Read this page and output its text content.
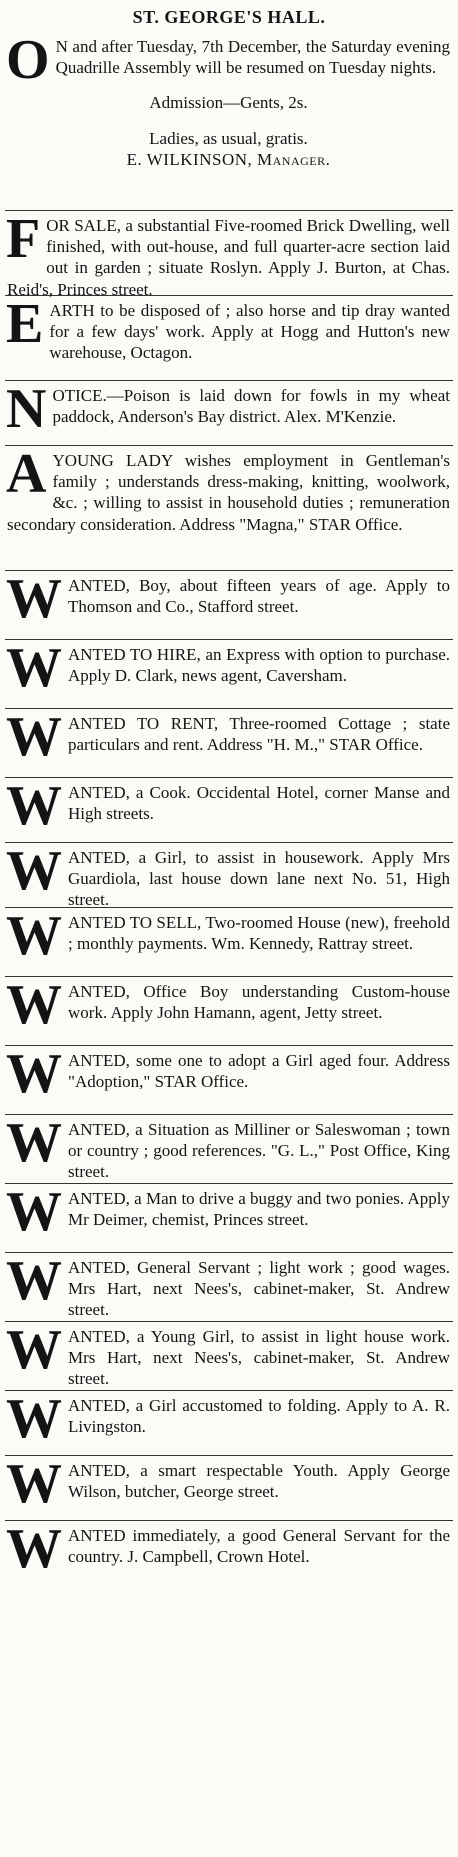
ST. GEORGE'S HALL.
O N and after Tuesday, 7th December, the Saturday evening Quadrille Assembly will be resumed on Tuesday nights.
Admission—Gents, 2s.
Ladies, as usual, gratis.
E. WILKINSON, Manager.
FOR SALE, a substantial Five-roomed Brick Dwelling, well finished, with out-house, and full quarter-acre section laid out in garden ; situate Roslyn. Apply J. Burton, at Chas. Reid's, Princes street.
EARTH to be disposed of ; also horse and tip dray wanted for a few days' work. Apply at Hogg and Hutton's new warehouse, Octagon.
NOTICE.—Poison is laid down for fowls in my wheat paddock, Anderson's Bay district. Alex. M'Kenzie.
AYOUNG LADY wishes employment in Gentleman's family ; understands dress-making, knitting, woolwork, &c. ; willing to assist in household duties ; remuneration secondary consideration. Address "Magna," STAR Office.
WANTED, Boy, about fifteen years of age. Apply to Thomson and Co., Stafford street.
WANTED TO HIRE, an Express with option to purchase. Apply D. Clark, news agent, Caversham.
WANTED TO RENT, Three-roomed Cottage ; state particulars and rent. Address "H. M.," STAR Office.
WANTED, a Cook. Occidental Hotel, corner Manse and High streets.
WANTED, a Girl, to assist in housework. Apply Mrs Guardiola, last house down lane next No. 51, High street.
WANTED TO SELL, Two-roomed House (new), freehold ; monthly payments. Wm. Kennedy, Rattray street.
WANTED, Office Boy understanding Custom-house work. Apply John Hamann, agent, Jetty street.
WANTED, some one to adopt a Girl aged four. Address "Adoption," STAR Office.
WANTED, a Situation as Milliner or Saleswoman ; town or country ; good references. "G. L.," Post Office, King street.
WANTED, a Man to drive a buggy and two ponies. Apply Mr Deimer, chemist, Princes street.
WANTED, General Servant ; light work ; good wages. Mrs Hart, next Nees's, cabinet-maker, St. Andrew street.
WANTED, a Young Girl, to assist in light house work. Mrs Hart, next Nees's, cabinet-maker, St. Andrew street.
WANTED, a Girl accustomed to folding. Apply to A. R. Livingston.
WANTED, a smart respectable Youth. Apply George Wilson, butcher, George street.
WANTED immediately, a good General Servant for the country. J. Campbell, Crown Hotel.
